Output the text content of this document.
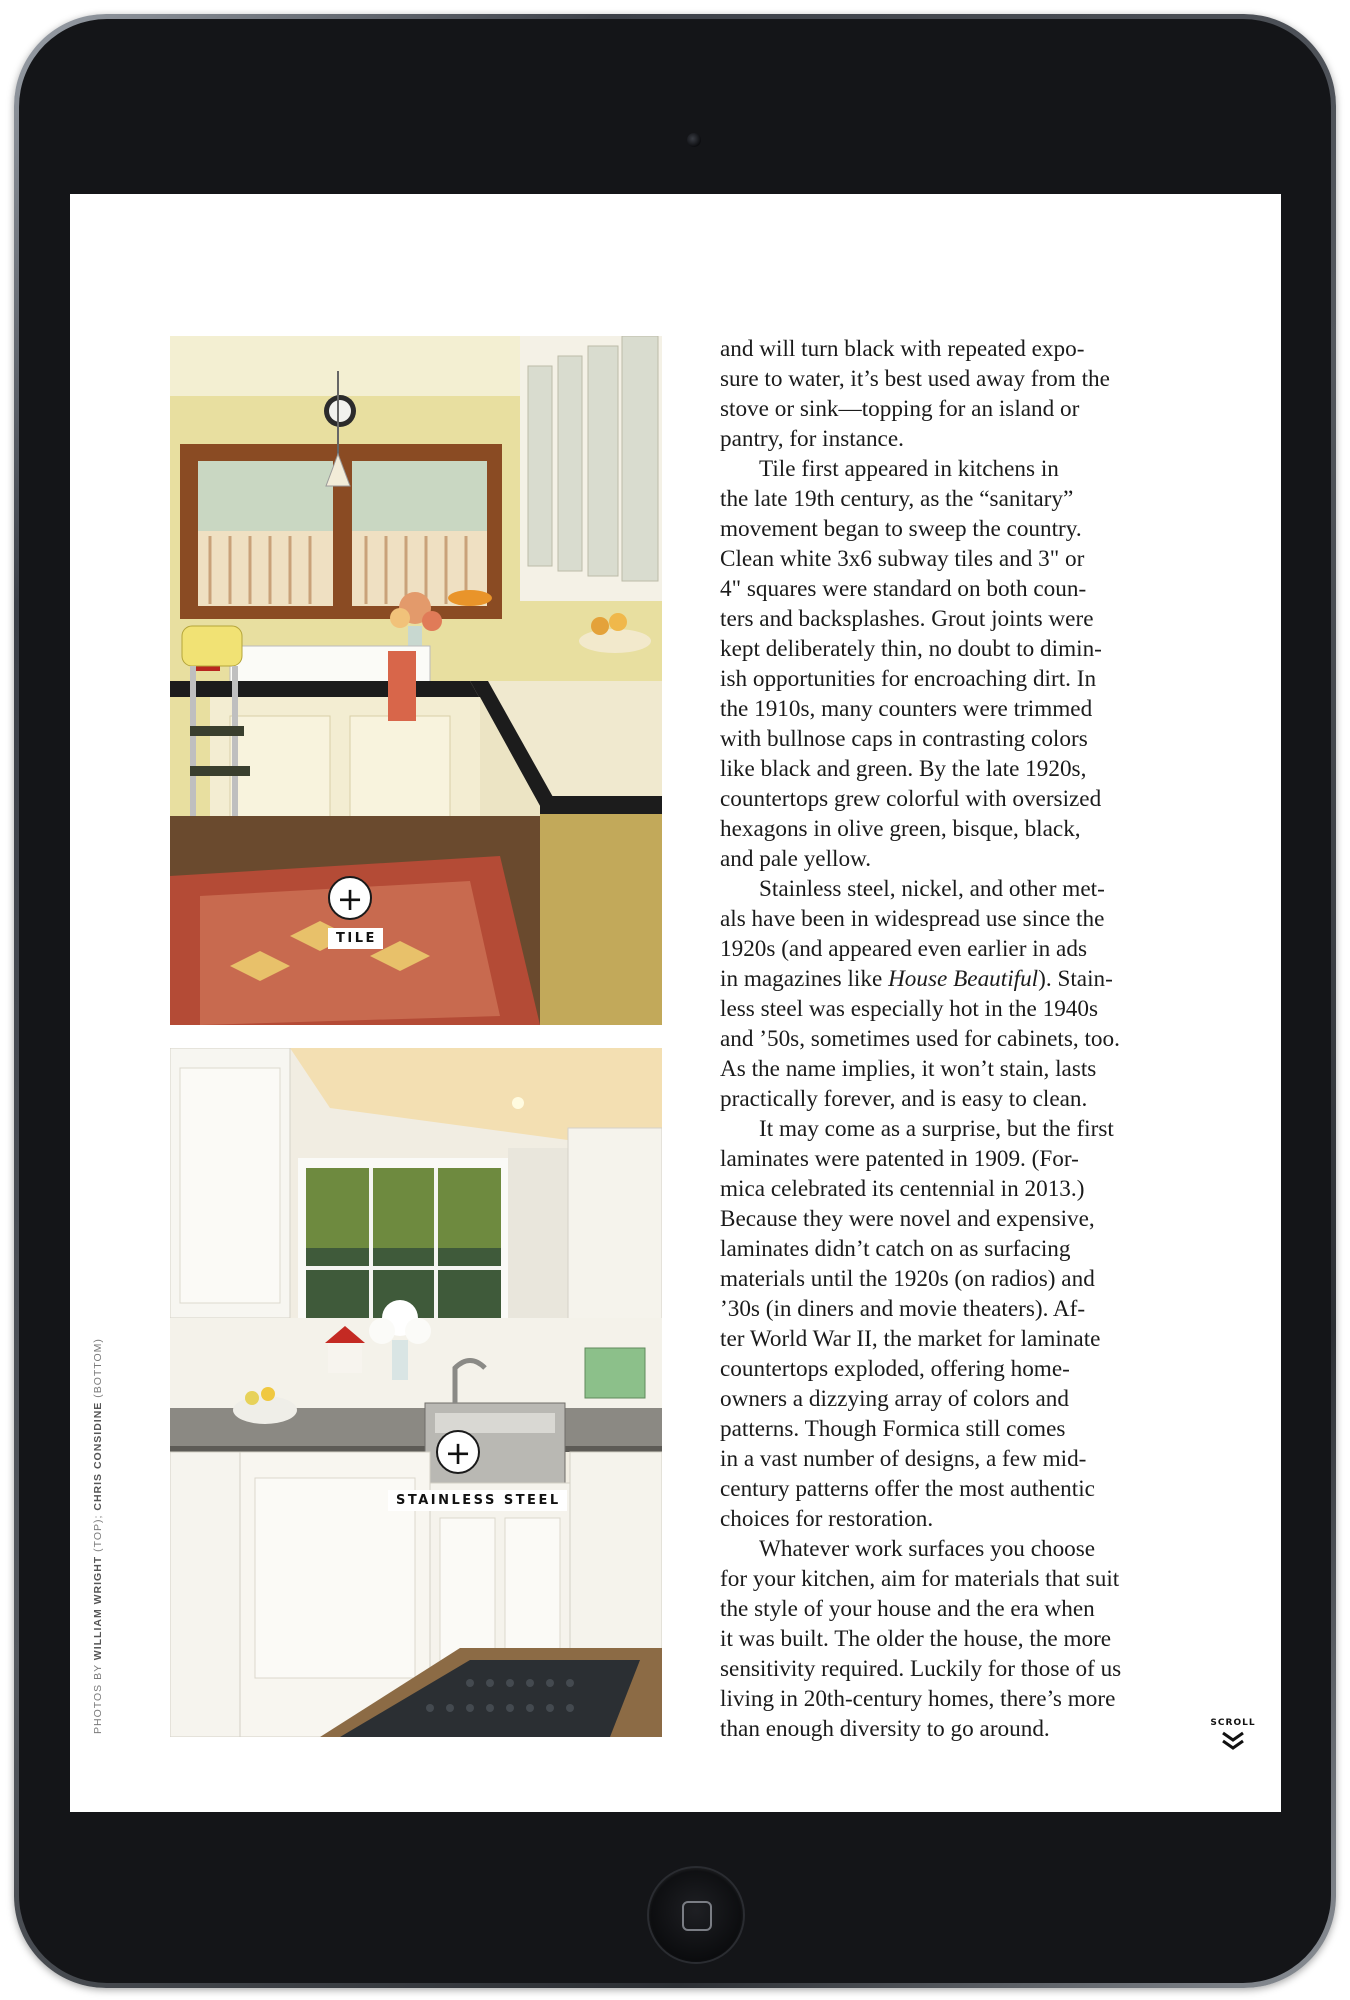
+
TILE
+
STAINLESS STEEL
PHOTOS BY WILLIAM WRIGHT (TOP); CHRIS CONSIDINE (BOTTOM)

and will turn black with repeated expo-
sure to water, it’s best used away from the
stove or sink—topping for an island or
pantry, for instance.

Tile first appeared in kitchens in
the late 19th century, as the “sanitary”
movement began to sweep the country.
Clean white 3x6 subway tiles and 3" or
4" squares were standard on both coun-
ters and backsplashes. Grout joints were
kept deliberately thin, no doubt to dimin-
ish opportunities for encroaching dirt. In
the 1910s, many counters were trimmed
with bullnose caps in contrasting colors
like black and green. By the late 1920s,
countertops grew colorful with oversized
hexagons in olive green, bisque, black,
and pale yellow.

Stainless steel, nickel, and other met-
als have been in widespread use since the
1920s (and appeared even earlier in ads
in magazines like House Beautiful). Stain-
less steel was especially hot in the 1940s
and ’50s, sometimes used for cabinets, too.
As the name implies, it won’t stain, lasts
practically forever, and is easy to clean.

It may come as a surprise, but the first
laminates were patented in 1909. (For-
mica celebrated its centennial in 2013.)
Because they were novel and expensive,
laminates didn’t catch on as surfacing
materials until the 1920s (on radios) and
’30s (in diners and movie theaters). Af-
ter World War II, the market for laminate
countertops exploded, offering home-
owners a dizzying array of colors and
patterns. Though Formica still comes
in a vast number of designs, a few mid-
century patterns offer the most authentic
choices for restoration.

Whatever work surfaces you choose
for your kitchen, aim for materials that suit
the style of your house and the era when
it was built. The older the house, the more
sensitivity required. Luckily for those of us
living in 20th-century homes, there’s more
than enough diversity to go around.	SCROLL
